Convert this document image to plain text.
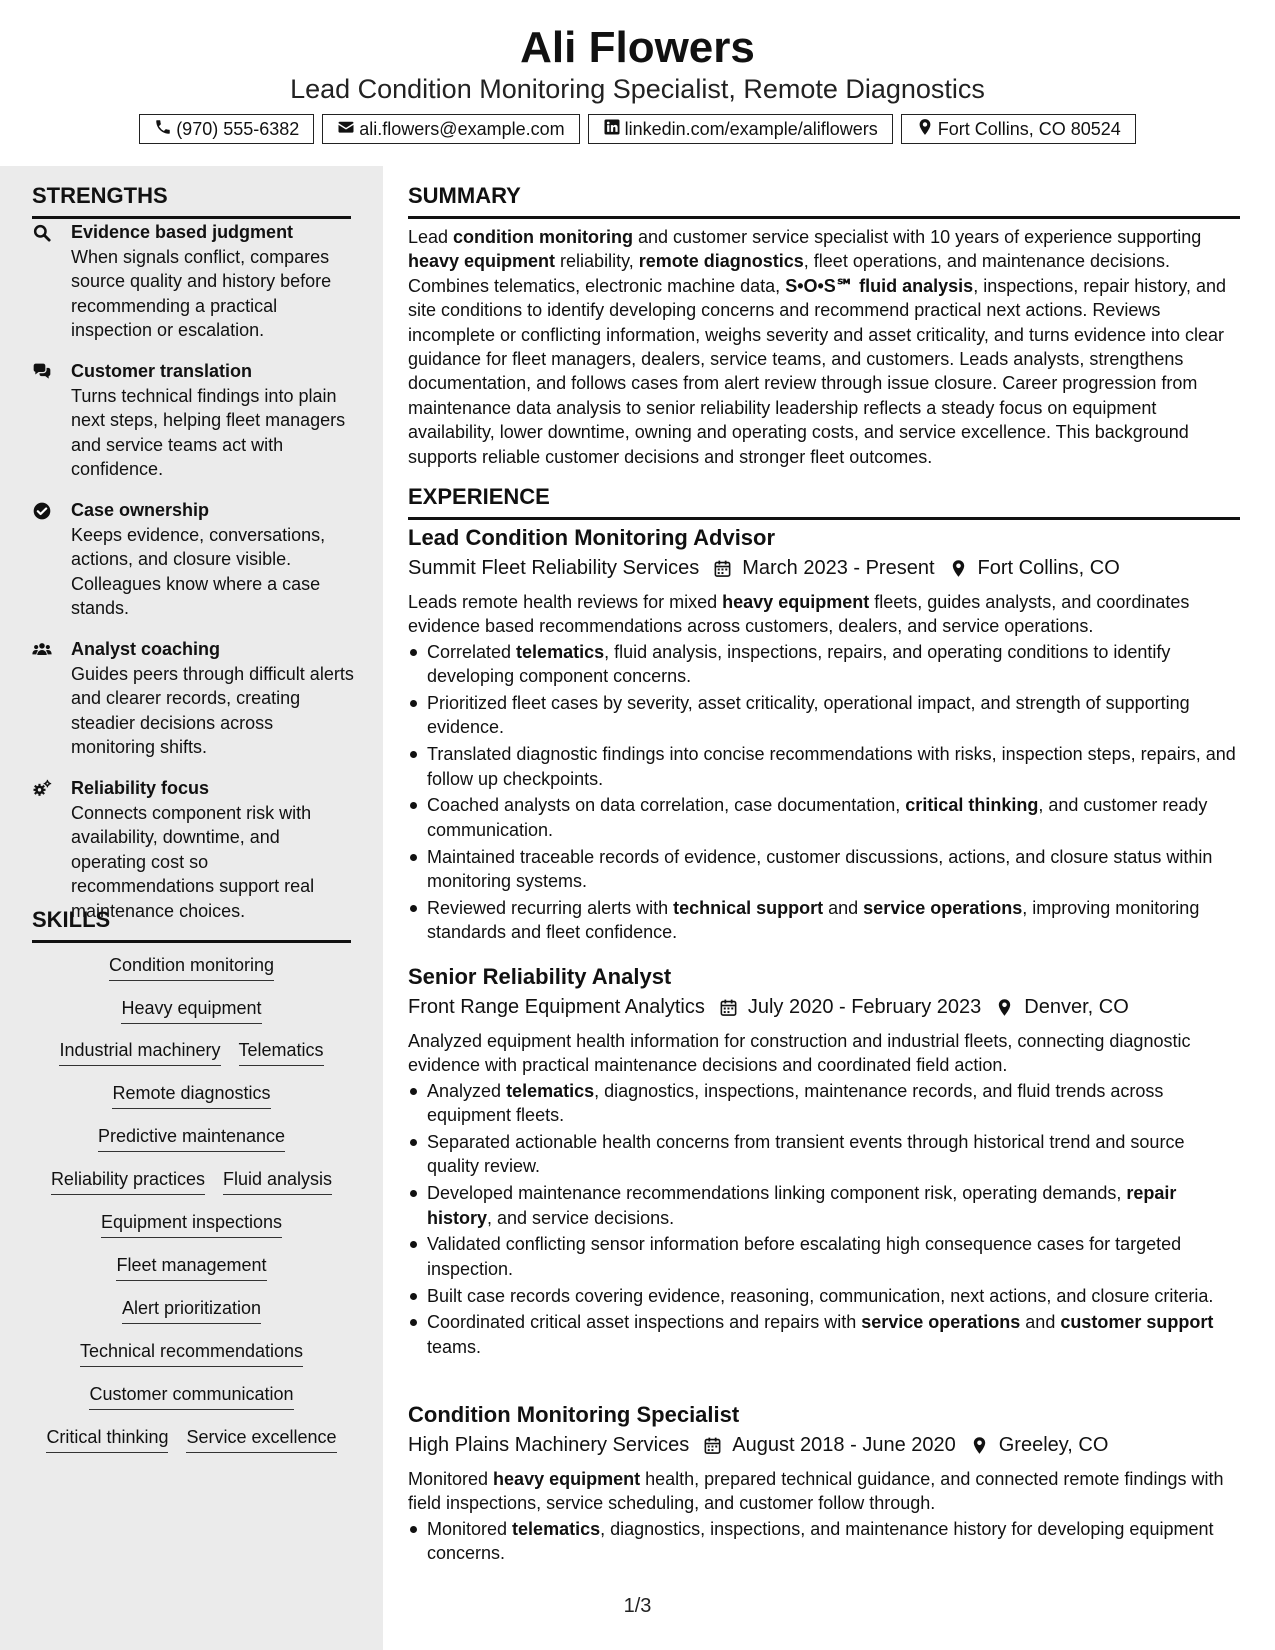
Ali Flowers
Lead Condition Monitoring Specialist, Remote Diagnostics
(970) 555-6382	ali.flowers@example.com	linkedin.com/example/aliflowers	Fort Collins, CO 80524
STRENGTHS
Evidence based judgment
When signals conflict, compares source quality and history before recommending a practical inspection or escalation.
Customer translation
Turns technical findings into plain next steps, helping fleet managers and service teams act with confidence.
Case ownership
Keeps evidence, conversations, actions, and closure visible. Colleagues know where a case stands.
Analyst coaching
Guides peers through difficult alerts and clearer records, creating steadier decisions across monitoring shifts.
Reliability focus
Connects component risk with availability, downtime, and operating cost so recommendations support real maintenance choices.
SKILLS
Condition monitoring
Heavy equipment
Industrial machinery Telematics
Remote diagnostics
Predictive maintenance
Reliability practices Fluid analysis
Equipment inspections
Fleet management
Alert prioritization
Technical recommendations
Customer communication
Critical thinking Service excellence
SUMMARY
Lead condition monitoring and customer service specialist with 10 years of experience supporting heavy equipment reliability, remote diagnostics, fleet operations, and maintenance decisions. Combines telematics, electronic machine data, S•O•S℠ fluid analysis, inspections, repair history, and site conditions to identify developing concerns and recommend practical next actions. Reviews incomplete or conflicting information, weighs severity and asset criticality, and turns evidence into clear guidance for fleet managers, dealers, service teams, and customers. Leads analysts, strengthens documentation, and follows cases from alert review through issue closure. Career progression from maintenance data analysis to senior reliability leadership reflects a steady focus on equipment availability, lower downtime, owning and operating costs, and service excellence. This background supports reliable customer decisions and stronger fleet outcomes.
EXPERIENCE
Lead Condition Monitoring Advisor
Summit Fleet Reliability Services March 2023 - Present Fort Collins, CO
Leads remote health reviews for mixed heavy equipment fleets, guides analysts, and coordinates evidence based recommendations across customers, dealers, and service operations.
Correlated telematics, fluid analysis, inspections, repairs, and operating conditions to identify developing component concerns.
Prioritized fleet cases by severity, asset criticality, operational impact, and strength of supporting evidence.
Translated diagnostic findings into concise recommendations with risks, inspection steps, repairs, and follow up checkpoints.
Coached analysts on data correlation, case documentation, critical thinking, and customer ready communication.
Maintained traceable records of evidence, customer discussions, actions, and closure status within monitoring systems.
Reviewed recurring alerts with technical support and service operations, improving monitoring standards and fleet confidence.
Senior Reliability Analyst
Front Range Equipment Analytics July 2020 - February 2023 Denver, CO
Analyzed equipment health information for construction and industrial fleets, connecting diagnostic evidence with practical maintenance decisions and coordinated field action.
Analyzed telematics, diagnostics, inspections, maintenance records, and fluid trends across equipment fleets.
Separated actionable health concerns from transient events through historical trend and source quality review.
Developed maintenance recommendations linking component risk, operating demands, repair history, and service decisions.
Validated conflicting sensor information before escalating high consequence cases for targeted inspection.
Built case records covering evidence, reasoning, communication, next actions, and closure criteria.
Coordinated critical asset inspections and repairs with service operations and customer support teams.
Condition Monitoring Specialist
High Plains Machinery Services August 2018 - June 2020 Greeley, CO
Monitored heavy equipment health, prepared technical guidance, and connected remote findings with field inspections, service scheduling, and customer follow through.
Monitored telematics, diagnostics, inspections, and maintenance history for developing equipment concerns.
1/3
